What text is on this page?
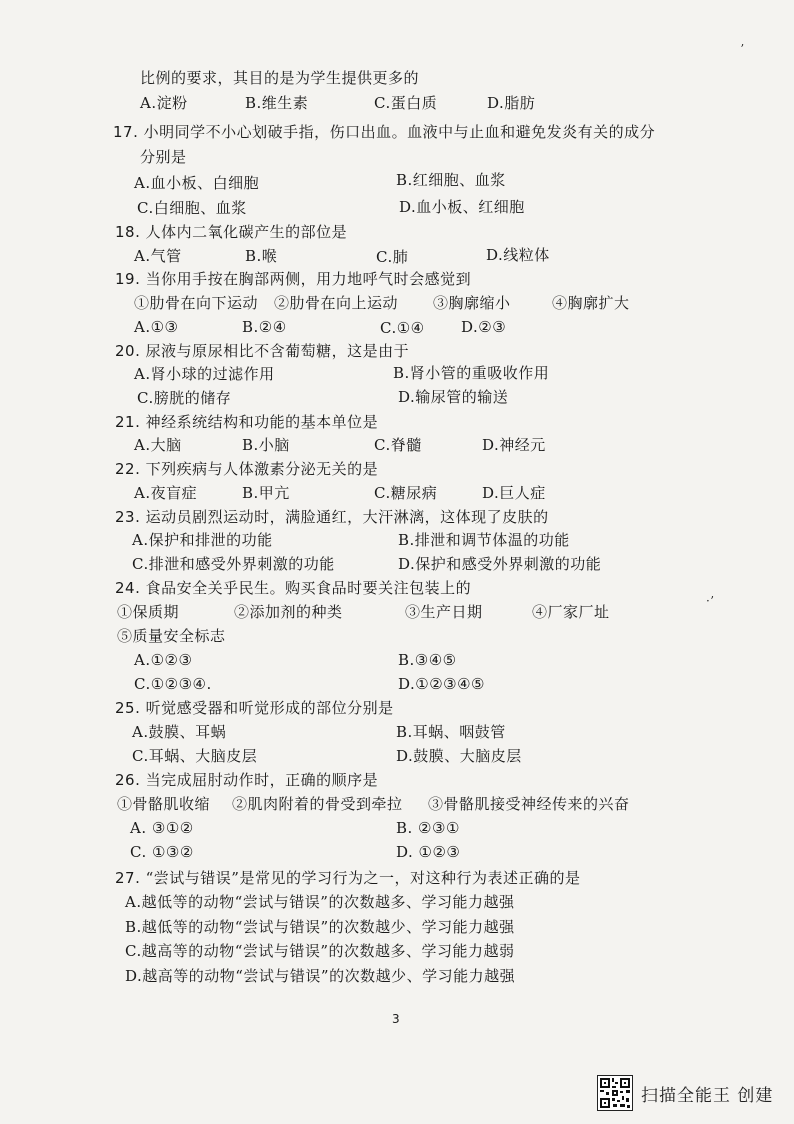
比例的要求，其目的是为学生提供更多的
A.淀粉	B.维生素	C.蛋白质	D.脂肪
17. 小明同学不小心划破手指，伤口出血。血液中与止血和避免发炎有关的成分
分别是
A.血小板、白细胞	B.红细胞、血浆
C.白细胞、血浆	D.血小板、红细胞
18. 人体内二氧化碳产生的部位是
A.气管	B.喉	C.肺	D.线粒体
19. 当你用手按在胸部两侧，用力地呼气时会感觉到
①肋骨在向下运动 ②肋骨在向上运动 ③胸廓缩小	④胸廓扩大
A.①③	B.②④	C.①④ D.②③
20. 尿液与原尿相比不含葡萄糖，这是由于
A.肾小球的过滤作用	B.肾小管的重吸收作用
C.膀胱的储存	D.输尿管的输送
21. 神经系统结构和功能的基本单位是
A.大脑	B.小脑	C.脊髓	D.神经元
22. 下列疾病与人体激素分泌无关的是
A.夜盲症	B.甲亢	C.糖尿病	D.巨人症
23. 运动员剧烈运动时，满脸通红，大汗淋漓，这体现了皮肤的
A.保护和排泄的功能	B.排泄和调节体温的功能
C.排泄和感受外界刺激的功能	D.保护和感受外界刺激的功能
24. 食品安全关乎民生。购买食品时要关注包装上的
①保质期	②添加剂的种类	③生产日期	④厂家厂址
⑤质量安全标志
A.①②③	B.③④⑤
C.①②③④.	D.①②③④⑤
25. 听觉感受器和听觉形成的部位分别是
A.鼓膜、耳蜗	B.耳蜗、咽鼓管
C.耳蜗、大脑皮层	D.鼓膜、大脑皮层
26. 当完成屈肘动作时，正确的顺序是
①骨骼肌收缩 ②肌肉附着的骨受到牵拉 ③骨骼肌接受神经传来的兴奋
A. ③①②	B. ②③①
C. ①③②	D. ①②③
27. “尝试与错误”是常见的学习行为之一，对这种行为表述正确的是
A.越低等的动物“尝试与错误”的次数越多、学习能力越强
B.越低等的动物“尝试与错误”的次数越少、学习能力越强
C.越高等的动物“尝试与错误”的次数越多、学习能力越弱
D.越高等的动物“尝试与错误”的次数越少、学习能力越强
3
·ʼ
ʼ
扫描全能王 创建
